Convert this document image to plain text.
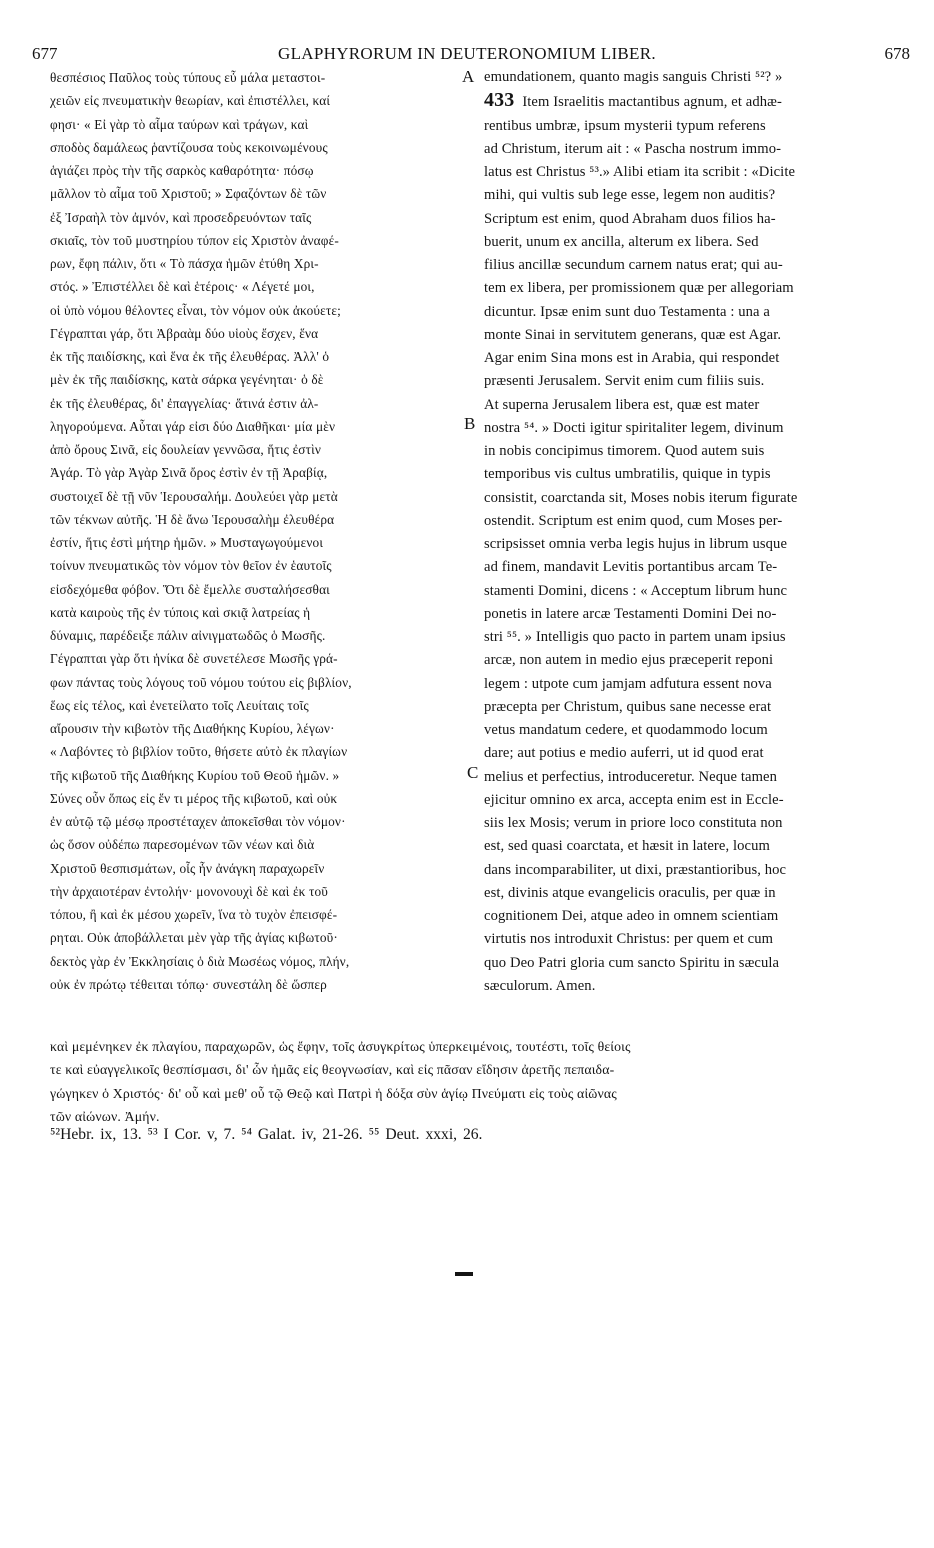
677	GLAPHYRORUM IN DEUTERONOMIUM LIBER.	678
θεσπέσιος Παῦλος τοὺς τύπους εὖ μάλα μεταστοι-
χειῶν εἰς πνευματικὴν θεωρίαν, καὶ ἐπιστέλλει, καί
φησι· « Εἰ γὰρ τὸ αἷμα ταύρων καὶ τράγων, καὶ
σποδὸς δαμάλεως ῥαντίζουσα τοὺς κεκοινωμένους
ἁγιάζει πρὸς τὴν τῆς σαρκὸς καθαρότητα· πόσῳ
μᾶλλον τὸ αἷμα τοῦ Χριστοῦ; » Σφαζόντων δὲ τῶν
ἐξ Ἰσραὴλ τὸν ἀμνόν, καὶ προσεδρευόντων ταῖς
σκιαῖς, τὸν τοῦ μυστηρίου τύπον εἰς Χριστὸν ἀναφέ-
ρων, ἔφη πάλιν, ὅτι « Τὸ πάσχα ἡμῶν ἐτύθη Χρι-
στός. » Ἐπιστέλλει δὲ καὶ ἑτέροις· « Λέγετέ μοι,
οἱ ὑπὸ νόμου θέλοντες εἶναι, τὸν νόμον οὐκ ἀκούετε;
Γέγραπται γάρ, ὅτι Ἀβραὰμ δύο υἱοὺς ἔσχεν, ἕνα
ἐκ τῆς παιδίσκης, καὶ ἕνα ἐκ τῆς ἐλευθέρας. Ἀλλ' ὁ
μὲν ἐκ τῆς παιδίσκης, κατὰ σάρκα γεγένηται· ὁ δὲ
ἐκ τῆς ἐλευθέρας, δι' ἐπαγγελίας· ἅτινά ἐστιν ἀλ-
ληγορούμενα. Αὗται γάρ εἰσι δύο Διαθῆκαι· μία μὲν
ἀπὸ ὄρους Σινᾶ, εἰς δουλείαν γεννῶσα, ἥτις ἐστὶν
Ἀγάρ. Τὸ γὰρ Ἀγὰρ Σινᾶ ὄρος ἐστὶν ἐν τῇ Ἀραβίᾳ,
συστοιχεῖ δὲ τῇ νῦν Ἱερουσαλήμ. Δουλεύει γὰρ μετὰ
τῶν τέκνων αὐτῆς. Ἡ δὲ ἄνω Ἱερουσαλὴμ ἐλευθέρα
ἐστίν, ἥτις ἐστὶ μήτηρ ἡμῶν. » Μυσταγωγούμενοι
τοίνυν πνευματικῶς τὸν νόμον τὸν θεῖον ἐν ἑαυτοῖς
εἰσδεχόμεθα φόβον. Ὅτι δὲ ἔμελλε συσταλήσεσθαι
κατὰ καιροὺς τῆς ἐν τύποις καὶ σκιᾷ λατρείας ἡ
δύναμις, παρέδειξε πάλιν αἰνιγματωδῶς ὁ Μωσῆς.
Γέγραπται γὰρ ὅτι ἡνίκα δὲ συνετέλεσε Μωσῆς γρά-
φων πάντας τοὺς λόγους τοῦ νόμου τούτου εἰς βιβλίον,
ἕως εἰς τέλος, καὶ ἐνετείλατο τοῖς Λευίταις τοῖς
αἴρουσιν τὴν κιβωτὸν τῆς Διαθήκης Κυρίου, λέγων·
« Λαβόντες τὸ βιβλίον τοῦτο, θήσετε αὐτὸ ἐκ πλαγίων
τῆς κιβωτοῦ τῆς Διαθήκης Κυρίου τοῦ Θεοῦ ἡμῶν. »
Σύνες οὖν ὅπως εἰς ἕν τι μέρος τῆς κιβωτοῦ, καὶ οὐκ
ἐν αὐτῷ τῷ μέσῳ προστέταχεν ἀποκεῖσθαι τὸν νόμον·
ὡς ὅσον οὐδέπω παρεσομένων τῶν νέων καὶ διὰ
Χριστοῦ θεσπισμάτων, οἷς ἦν ἀνάγκη παραχωρεῖν
τὴν ἀρχαιοτέραν ἐντολήν· μονονουχὶ δὲ καὶ ἐκ τοῦ
τόπου, ἢ καὶ ἐκ μέσου χωρεῖν, ἵνα τὸ τυχὸν ἐπεισφέ-
ρηται. Οὐκ ἀποβάλλεται μὲν γὰρ τῆς ἁγίας κιβωτοῦ·
δεκτὸς γὰρ ἐν Ἐκκλησίαις ὁ διὰ Μωσέως νόμος, πλήν,
οὐκ ἐν πρώτῳ τέθειται τόπῳ· συνεστάλη δὲ ὥσπερ
emundationem, quanto magis sanguis Christi ⁵²? »
433 Item Israelitis mactantibus agnum, et adhæ-
rentibus umbræ, ipsum mysterii typum referens
ad Christum, iterum ait : « Pascha nostrum immo-
latus est Christus ⁵³.» Alibi etiam ita scribit : «Dicite
mihi, qui vultis sub lege esse, legem non auditis?
Scriptum est enim, quod Abraham duos filios ha-
buerit, unum ex ancilla, alterum ex libera. Sed
filius ancillæ secundum carnem natus erat; qui au-
tem ex libera, per promissionem quæ per allegoriam
dicuntur. Ipsæ enim sunt duo Testamenta : una a
monte Sinai in servitutem generans, quæ est Agar.
Agar enim Sina mons est in Arabia, qui respondet
præsenti Jerusalem. Servit enim cum filiis suis.
At superna Jerusalem libera est, quæ est mater
nostra ⁵⁴. » Docti igitur spiritaliter legem, divinum
in nobis concipimus timorem. Quod autem suis
temporibus vis cultus umbratilis, quique in typis
consistit, coarctanda sit, Moses nobis iterum figurate
ostendit. Scriptum est enim quod, cum Moses per-
scripsisset omnia verba legis hujus in librum usque
ad finem, mandavit Levitis portantibus arcam Te-
stamenti Domini, dicens : « Acceptum librum hunc
ponetis in latere arcæ Testamenti Domini Dei no-
stri ⁵⁵. » Intelligis quo pacto in partem unam ipsius
arcæ, non autem in medio ejus præceperit reponi
legem : utpote cum jamjam adfutura essent nova
præcepta per Christum, quibus sane necesse erat
vetus mandatum cedere, et quodammodo locum
dare; aut potius e medio auferri, ut id quod erat
melius et perfectius, introduceretur. Neque tamen
ejicitur omnino ex arca, accepta enim est in Eccle-
siis lex Mosis; verum in priore loco constituta non
est, sed quasi coarctata, et hæsit in latere, locum
dans incomparabiliter, ut dixi, præstantioribus, hoc
est, divinis atque evangelicis oraculis, per quæ in
cognitionem Dei, atque adeo in omnem scientiam
virtutis nos introduxit Christus: per quem et cum
quo Deo Patri gloria cum sancto Spiritu in sæcula
sæculorum. Amen.
A
B
C
καὶ μεμένηκεν ἐκ πλαγίου, παραχωρῶν, ὡς ἔφην, τοῖς ἀσυγκρίτως ὑπερκειμένοις, τουτέστι, τοῖς θείοις
τε καὶ εὐαγγελικοῖς θεσπίσμασι, δι' ὧν ἡμᾶς εἰς θεογνωσίαν, καὶ εἰς πᾶσαν εἴδησιν ἀρετῆς πεπαιδα-
γώγηκεν ὁ Χριστός· δι' οὗ καὶ μεθ' οὗ τῷ Θεῷ καὶ Πατρὶ ἡ δόξα σὺν ἁγίῳ Πνεύματι εἰς τοὺς αἰῶνας
τῶν αἰώνων. Ἀμήν.
⁵²Hebr. ix, 13. ⁵³ I Cor. v, 7. ⁵⁴ Galat. iv, 21-26. ⁵⁵ Deut. xxxi, 26.
